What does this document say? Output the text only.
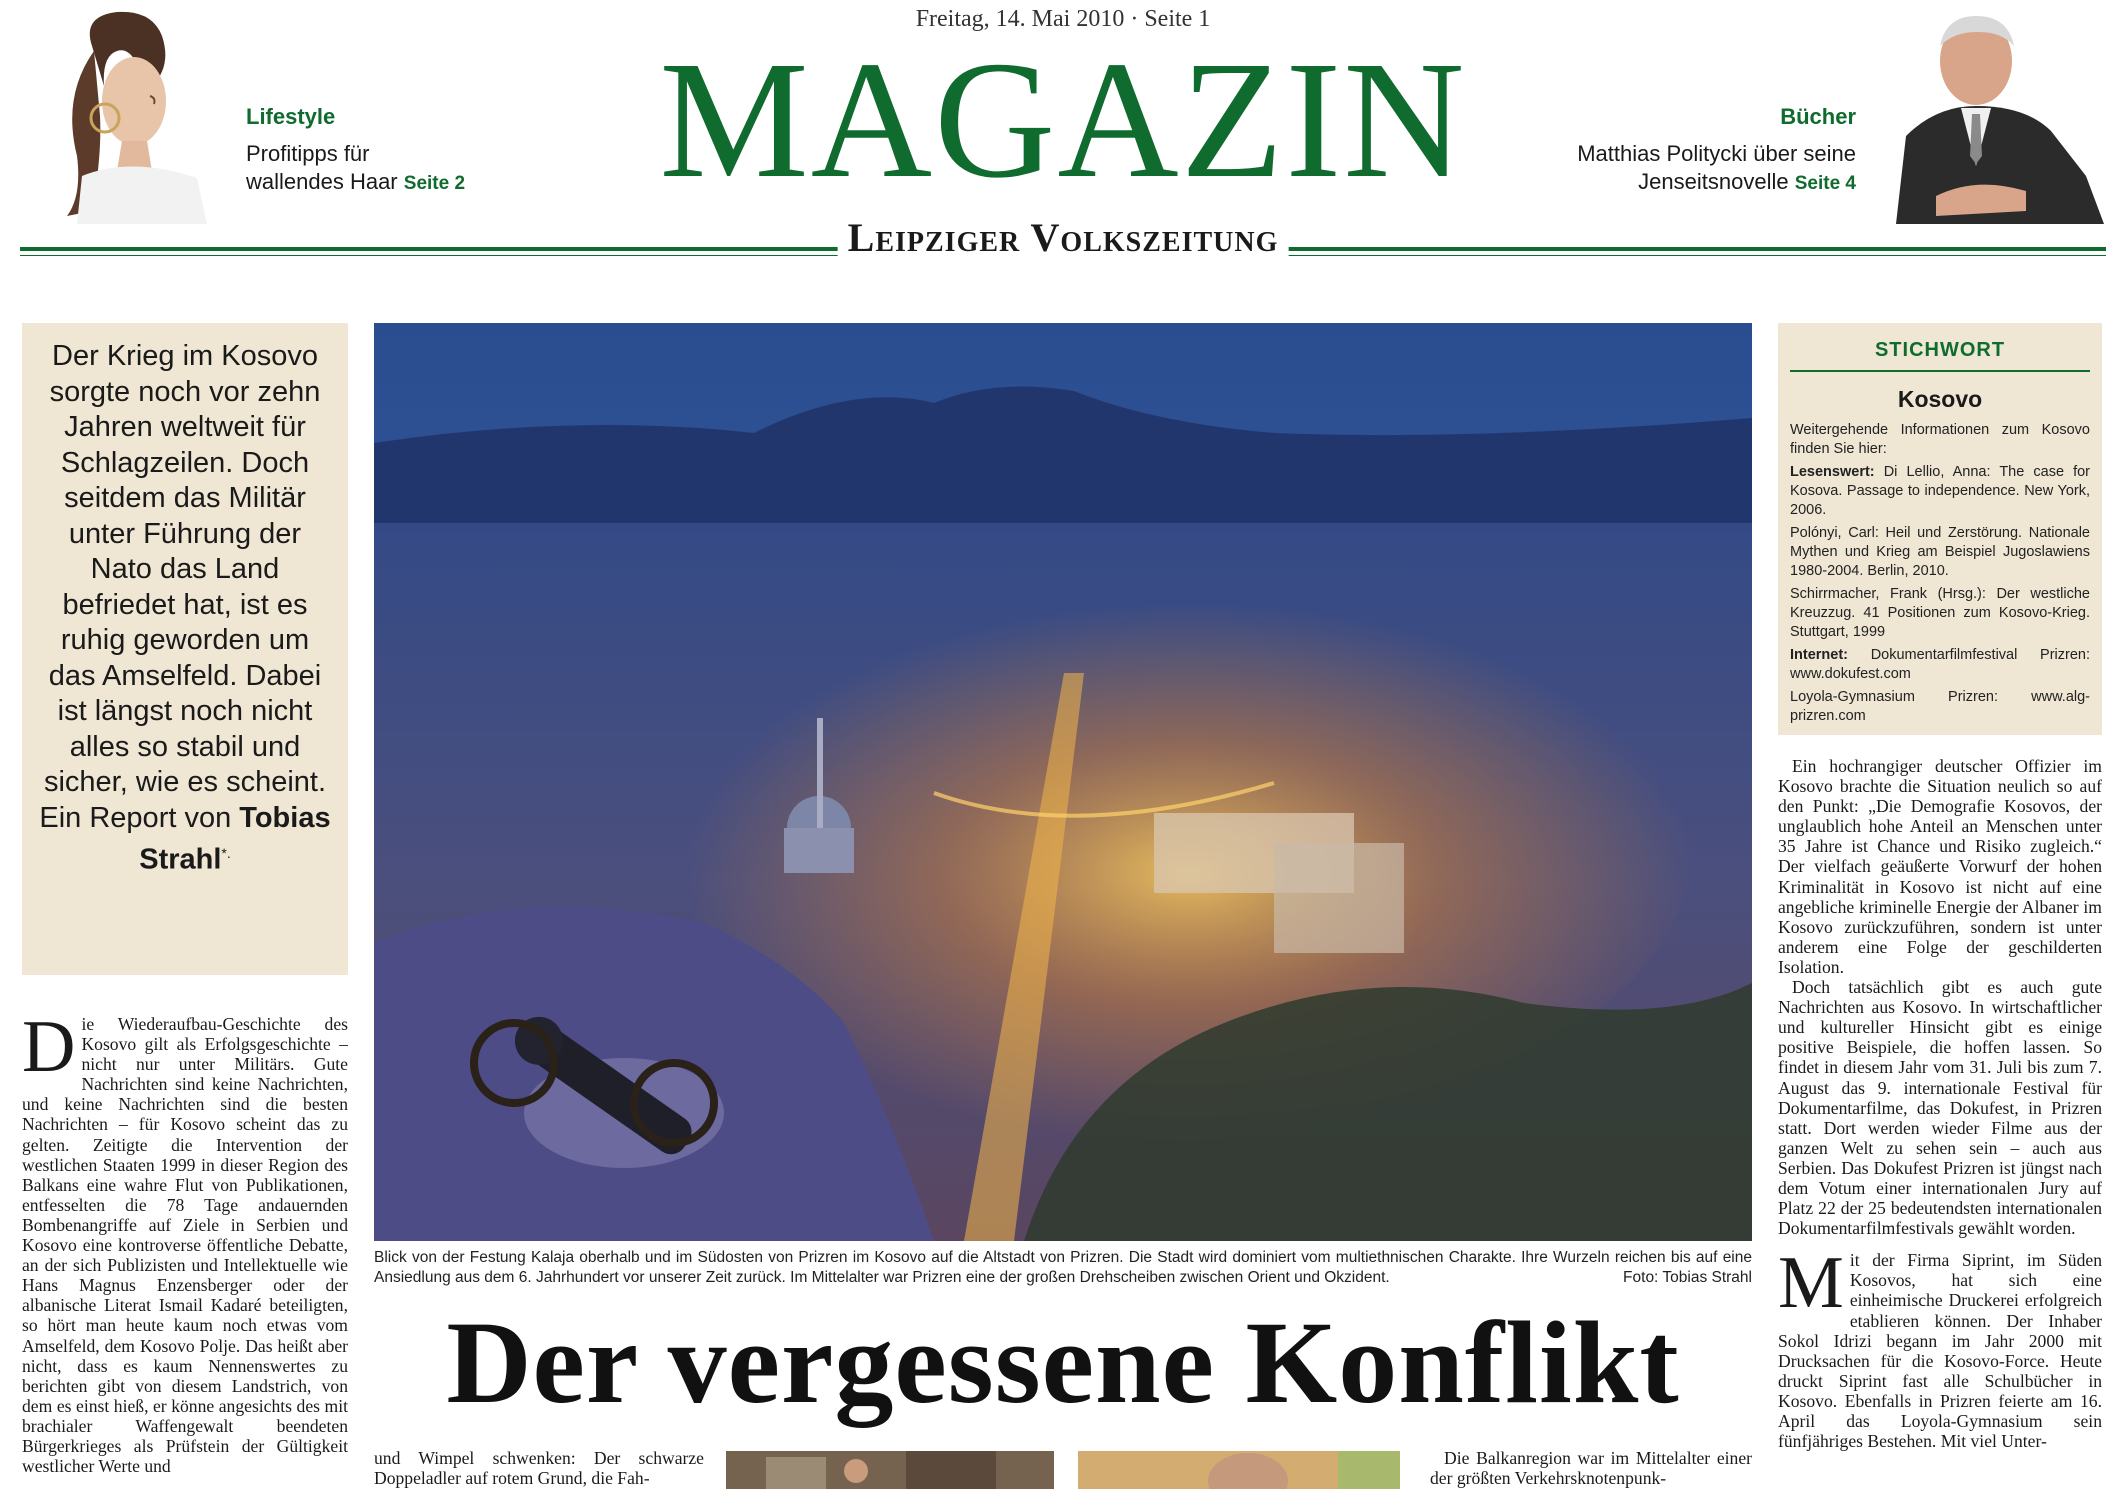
Freitag, 14. Mai 2010 · Seite 1
MAGAZIN
Leipziger Volkszeitung
Lifestyle
Profitipps für
wallendes Haar Seite 2
Bücher
Matthias Politycki über seine
Jenseitsnovelle Seite 4
Der Krieg im Kosovo sorgte noch vor zehn Jahren weltweit für Schlagzeilen. Doch seitdem das Militär unter Führung der Nato das Land befriedet hat, ist es ruhig geworden um das Amselfeld. Dabei ist längst noch nicht alles so stabil und sicher, wie es scheint. Ein Report von Tobias Strahl*.
Blick von der Festung Kalaja oberhalb und im Südosten von Prizren im Kosovo auf die Altstadt von Prizren. Die Stadt wird dominiert vom multiethnischen Charakte. Ihre Wurzeln reichen bis auf eine Ansiedlung aus dem 6. Jahrhundert vor unserer Zeit zurück. Im Mittelalter war Prizren eine der großen Drehscheiben zwischen Orient und Okzident.	Foto: Tobias Strahl
STICHWORT
Kosovo

Weitergehende Informationen zum Kosovo finden Sie hier:

Lesenswert: Di Lellio, Anna: The case for Kosova. Passage to independence. New York, 2006.

Polónyi, Carl: Heil und Zerstörung. Nationale Mythen und Krieg am Beispiel Jugoslawiens 1980-2004. Berlin, 2010.

Schirrmacher, Frank (Hrsg.): Der westliche Kreuzzug. 41 Positionen zum Kosovo-Krieg. Stuttgart, 1999

Internet: Dokumentarfilmfestival Prizren: www.dokufest.com

Loyola-Gymnasium Prizren: www.alg-prizren.com

Die Wiederaufbau-Geschichte des Kosovo gilt als Erfolgsgeschichte – nicht nur unter Militärs. Gute Nachrichten sind keine Nachrichten, und keine Nachrichten sind die besten Nachrichten – für Kosovo scheint das zu gelten. Zeitigte die Intervention der westlichen Staaten 1999 in dieser Region des Balkans eine wahre Flut von Publikationen, entfesselten die 78 Tage andauernden Bombenangriffe auf Ziele in Serbien und Kosovo eine kontroverse öffentliche Debatte, an der sich Publizisten und Intellektuelle wie Hans Magnus Enzensberger oder der albanische Literat Ismail Kadaré beteiligten, so hört man heute kaum noch etwas vom Amselfeld, dem Kosovo Polje. Das heißt aber nicht, dass es kaum Nennenswertes zu berichten gibt von diesem Landstrich, von dem es einst hieß, er könne angesichts des mit brachialer Waffengewalt beendeten Bürgerkrieges als Prüfstein der Gültigkeit westlicher Werte und

Ein hochrangiger deutscher Offizier im Kosovo brachte die Situation neulich so auf den Punkt: „Die Demografie Kosovos, der unglaublich hohe Anteil an Menschen unter 35 Jahre ist Chance und Risiko zugleich.“ Der vielfach geäußerte Vorwurf der hohen Kriminalität in Kosovo ist nicht auf eine angebliche kriminelle Energie der Albaner im Kosovo zurückzuführen, sondern ist unter anderem eine Folge der geschilderten Isolation.

Doch tatsächlich gibt es auch gute Nachrichten aus Kosovo. In wirtschaftlicher und kultureller Hinsicht gibt es einige positive Beispiele, die hoffen lassen. So findet in diesem Jahr vom 31. Juli bis zum 7. August das 9. internationale Festival für Dokumentarfilme, das Dokufest, in Prizren statt. Dort werden wieder Filme aus der ganzen Welt zu sehen sein – auch aus Serbien. Das Dokufest Prizren ist jüngst nach dem Votum einer internationalen Jury auf Platz 22 der 25 bedeutendsten internationalen Dokumentarfilmfestivals gewählt worden.

Mit der Firma Siprint, im Süden Kosovos, hat sich eine einheimische Druckerei erfolgreich etablieren können. Der Inhaber Sokol Idrizi begann im Jahr 2000 mit Drucksachen für die Kosovo-Force. Heute druckt Siprint fast alle Schulbücher in Kosovo. Ebenfalls in Prizren feierte am 16. April das Loyola-Gymnasium sein fünfjähriges Bestehen. Mit viel Unter-

Der vergessene Konflikt

und Wimpel schwenken: Der schwarze Doppeladler auf rotem Grund, die Fah-

Die Balkanregion war im Mittelalter einer der größten Verkehrsknotenpunk-
